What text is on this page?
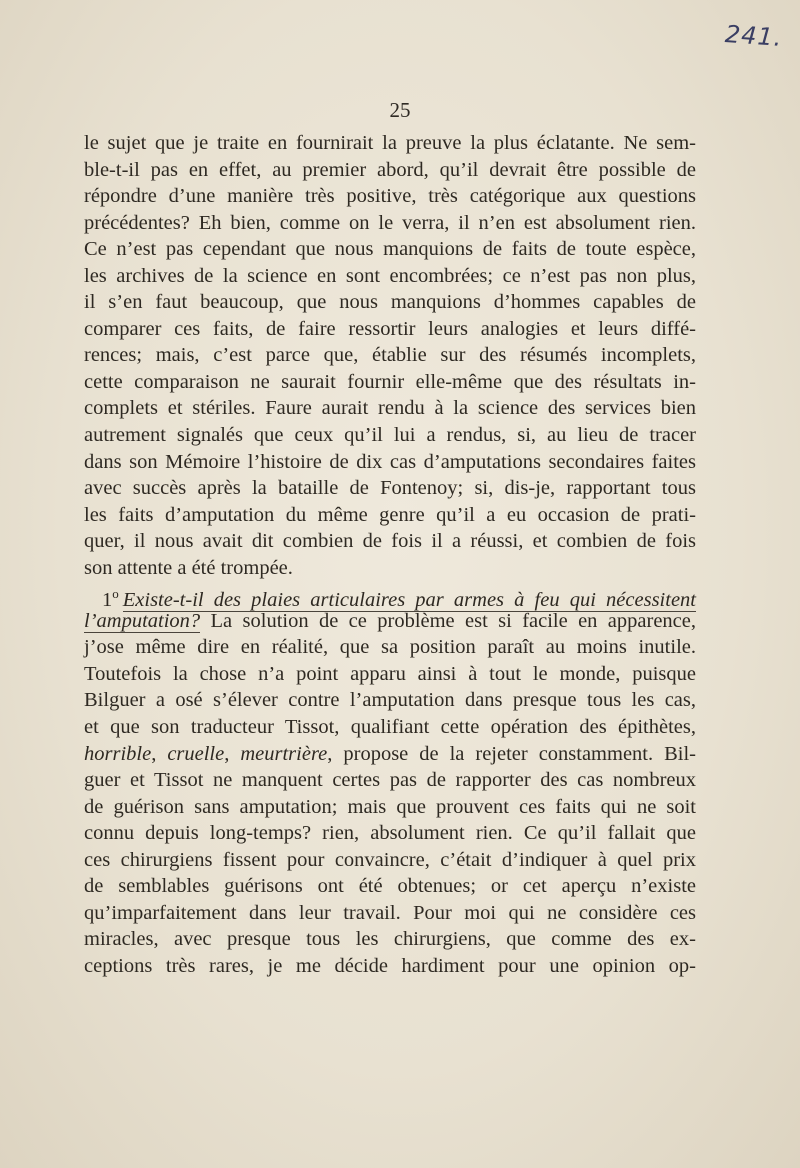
241.
25
le sujet que je traite en fournirait la preuve la plus éclatante. Ne sem-
ble-t-il pas en effet, au premier abord, qu’il devrait être possible de
répondre d’une manière très positive, très catégorique aux questions
précédentes? Eh bien, comme on le verra, il n’en est absolument rien.
Ce n’est pas cependant que nous manquions de faits de toute espèce,
les archives de la science en sont encombrées; ce n’est pas non plus,
il s’en faut beaucoup, que nous manquions d’hommes capables de
comparer ces faits, de faire ressortir leurs analogies et leurs diffé-
rences; mais, c’est parce que, établie sur des résumés incomplets,
cette comparaison ne saurait fournir elle-même que des résultats in-
complets et stériles. Faure aurait rendu à la science des services bien
autrement signalés que ceux qu’il lui a rendus, si, au lieu de tracer
dans son Mémoire l’histoire de dix cas d’amputations secondaires faites
avec succès après la bataille de Fontenoy; si, dis-je, rapportant tous
les faits d’amputation du même genre qu’il a eu occasion de prati-
quer, il nous avait dit combien de fois il a réussi, et combien de fois
son attente a été trompée.
1$^o$ Existe-t-il des plaies articulaires par armes à feu qui nécessitent
l’amputation? La solution de ce problème est si facile en apparence,
j’ose même dire en réalité, que sa position paraît au moins inutile.
Toutefois la chose n’a point apparu ainsi à tout le monde, puisque
Bilguer a osé s’élever contre l’amputation dans presque tous les cas,
et que son traducteur Tissot, qualifiant cette opération des épithètes,
horrible, cruelle, meurtrière, propose de la rejeter constamment. Bil-
guer et Tissot ne manquent certes pas de rapporter des cas nombreux
de guérison sans amputation; mais que prouvent ces faits qui ne soit
connu depuis long-temps? rien, absolument rien. Ce qu’il fallait que
ces chirurgiens fissent pour convaincre, c’était d’indiquer à quel prix
de semblables guérisons ont été obtenues; or cet aperçu n’existe
qu’imparfaitement dans leur travail. Pour moi qui ne considère ces
miracles, avec presque tous les chirurgiens, que comme des ex-
ceptions très rares, je me décide hardiment pour une opinion op-
